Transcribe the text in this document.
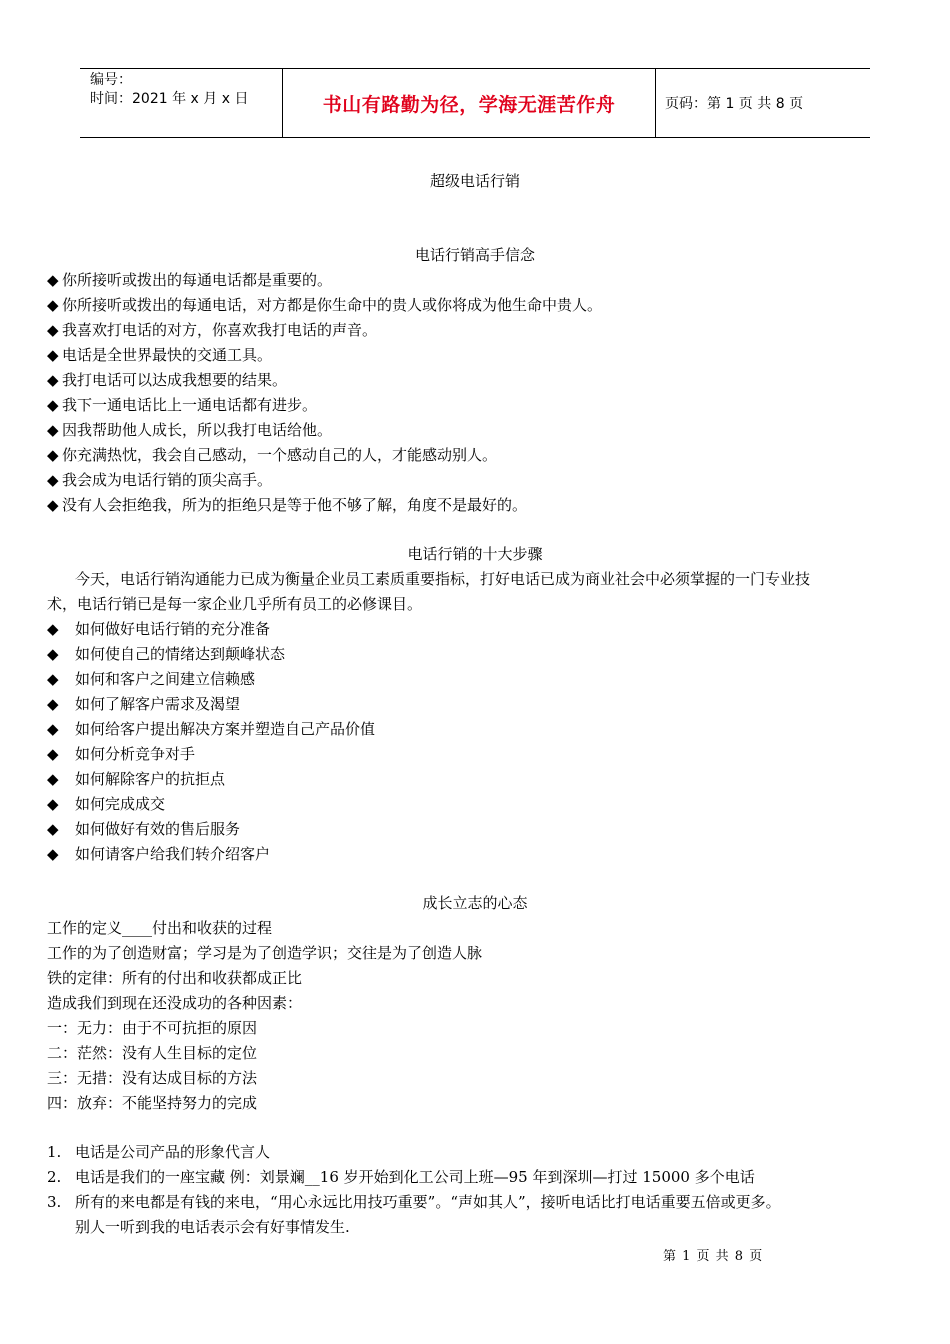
编号：
时间：2021 年 x 月 x 日	书山有路勤为径，学海无涯苦作舟	页码：第 1 页 共 8 页
超级电话行销
电话行销高手信念
◆ 你所接听或拨出的每通电话都是重要的。
◆ 你所接听或拨出的每通电话，对方都是你生命中的贵人或你将成为他生命中贵人。
◆ 我喜欢打电话的对方，你喜欢我打电话的声音。
◆ 电话是全世界最快的交通工具。
◆ 我打电话可以达成我想要的结果。
◆ 我下一通电话比上一通电话都有进步。
◆ 因我帮助他人成长，所以我打电话给他。
◆ 你充满热忱，我会自己感动，一个感动自己的人，才能感动别人。
◆ 我会成为电话行销的顶尖高手。
◆ 没有人会拒绝我，所为的拒绝只是等于他不够了解，角度不是最好的。
电话行销的十大步骤
今天，电话行销沟通能力已成为衡量企业员工素质重要指标，打好电话已成为商业社会中必须掌握的一门专业技
术，电话行销已是每一家企业几乎所有员工的必修课目。
◆ 如何做好电话行销的充分准备
◆ 如何使自己的情绪达到颠峰状态
◆ 如何和客户之间建立信赖感
◆ 如何了解客户需求及渴望
◆ 如何给客户提出解决方案并塑造自己产品价值
◆ 如何分析竞争对手
◆ 如何解除客户的抗拒点
◆ 如何完成成交
◆ 如何做好有效的售后服务
◆ 如何请客户给我们转介绍客户
成长立志的心态
工作的定义____付出和收获的过程
工作的为了创造财富；学习是为了创造学识；交往是为了创造人脉
铁的定律：所有的付出和收获都成正比
造成我们到现在还没成功的各种因素：
一：无力：由于不可抗拒的原因
二：茫然：没有人生目标的定位
三：无措：没有达成目标的方法
四：放弃：不能坚持努力的完成
1. 电话是公司产品的形象代言人
2. 电话是我们的一座宝藏 例：刘景斓__16 岁开始到化工公司上班—95 年到深圳—打过 15000 多个电话
3. 所有的来电都是有钱的来电，“用心永远比用技巧重要”。“声如其人”，接听电话比打电话重要五倍或更多。
别人一听到我的电话表示会有好事情发生.
第 1 页 共 8 页
